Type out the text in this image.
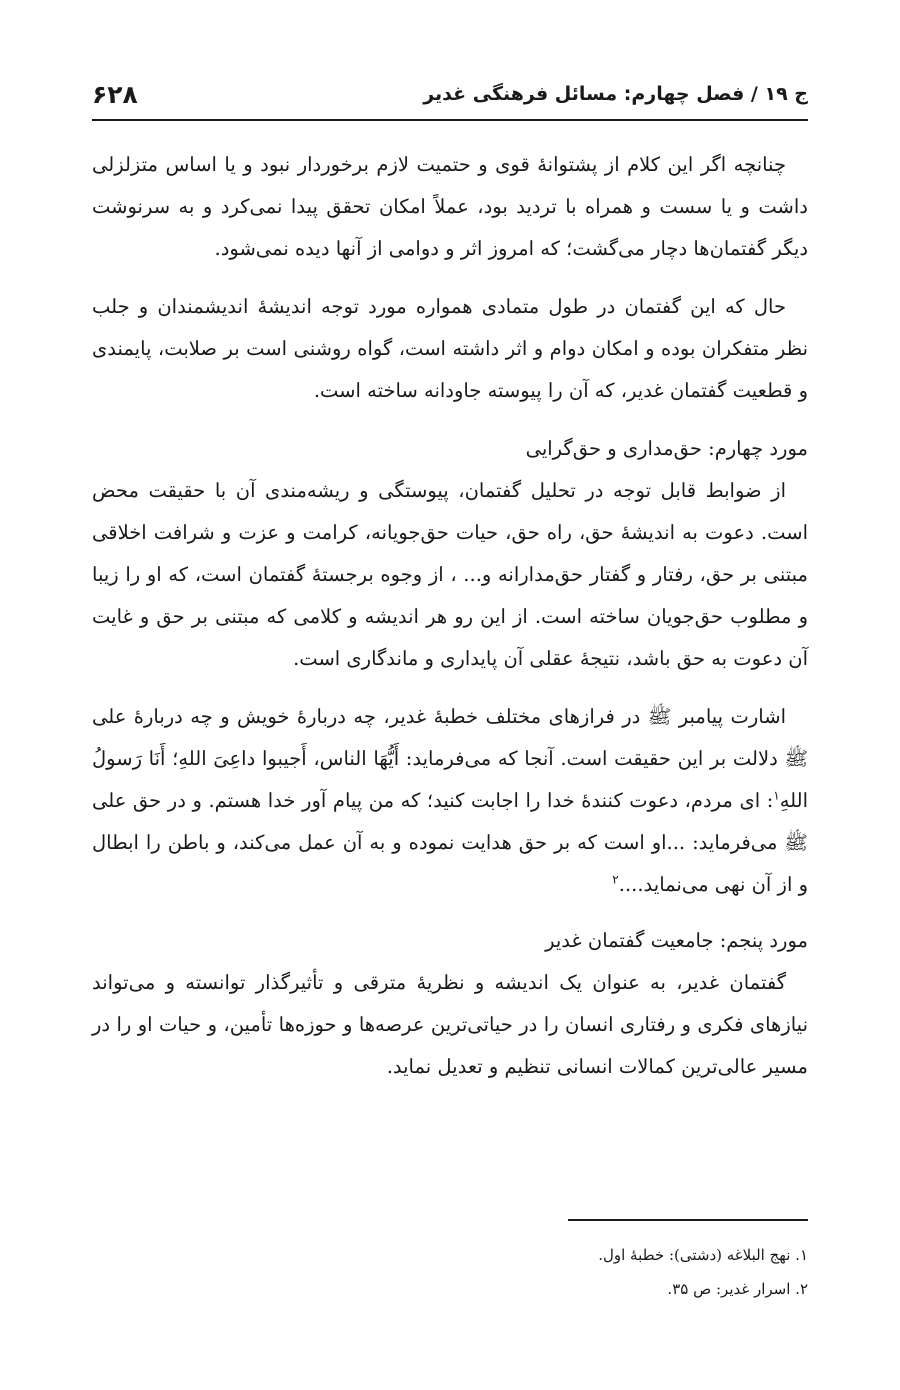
ج ۱۹ / فصل چهارم: مسائل فرهنگی غدیر
۶۲۸

چنانچه اگر این کلام از پشتوانهٔ قوی و حتمیت لازم برخوردار نبود و یا اساس متزلزلی داشت و یا سست و همراه با تردید بود، عملاً امکان تحقق پیدا نمی‌کرد و به سرنوشت دیگر گفتمان‌ها دچار می‌گشت؛ که امروز اثر و دوامی از آنها دیده نمی‌شود.

حال که این گفتمان در طول متمادی همواره مورد توجه اندیشهٔ اندیشمندان و جلب نظر متفکران بوده و امکان دوام و اثر داشته است، گواه روشنی است بر صلابت، پایمندی و قطعیت گفتمان غدیر، که آن را پیوسته جاودانه ساخته است.

مورد چهارم: حق‌مداری و حق‌گرایی

از ضوابط قابل توجه در تحلیل گفتمان، پیوستگی و ریشه‌مندی آن با حقیقت محض است. دعوت به اندیشهٔ حق، راه حق، حیات حق‌جویانه، کرامت و عزت و شرافت اخلاقی مبتنی بر حق، رفتار و گفتار حق‌مدارانه و... ، از وجوه برجستهٔ گفتمان است، که او را زیبا و مطلوب حق‌جویان ساخته است. از این رو هر اندیشه و کلامی که مبتنی بر حق و غایت آن دعوت به حق باشد، نتیجهٔ عقلی آن پایداری و ماندگاری است.

اشارت پیامبر ﷺ در فرازهای مختلف خطبهٔ غدیر، چه دربارهٔ خویش و چه دربارهٔ علی ﷺ دلالت بر این حقیقت است. آنجا که می‌فرماید: أَیُّهَا الناس، أَجیبوا داعِیَ اللهِ؛ أَنَا رَسولُ اللهِ$^۱$: ای مردم، دعوت کنندهٔ خدا را اجابت کنید؛ که من پیام آور خدا هستم. و در حق علی ﷺ می‌فرماید: ...او است که بر حق هدایت نموده و به آن عمل می‌کند، و باطن را ابطال و از آن نهی می‌نماید....$^۲$

مورد پنجم: جامعیت گفتمان غدیر

گفتمان غدیر، به عنوان یک اندیشه و نظریهٔ مترقی و تأثیرگذار توانسته و می‌تواند نیازهای فکری و رفتاری انسان را در حیاتی‌ترین عرصه‌ها و حوزه‌ها تأمین، و حیات او را در مسیر عالی‌ترین کمالات انسانی تنظیم و تعدیل نماید.

۱. نهج البلاغه (دشتی): خطبهٔ اول.

۲. اسرار غدیر: ص ۳۵.
